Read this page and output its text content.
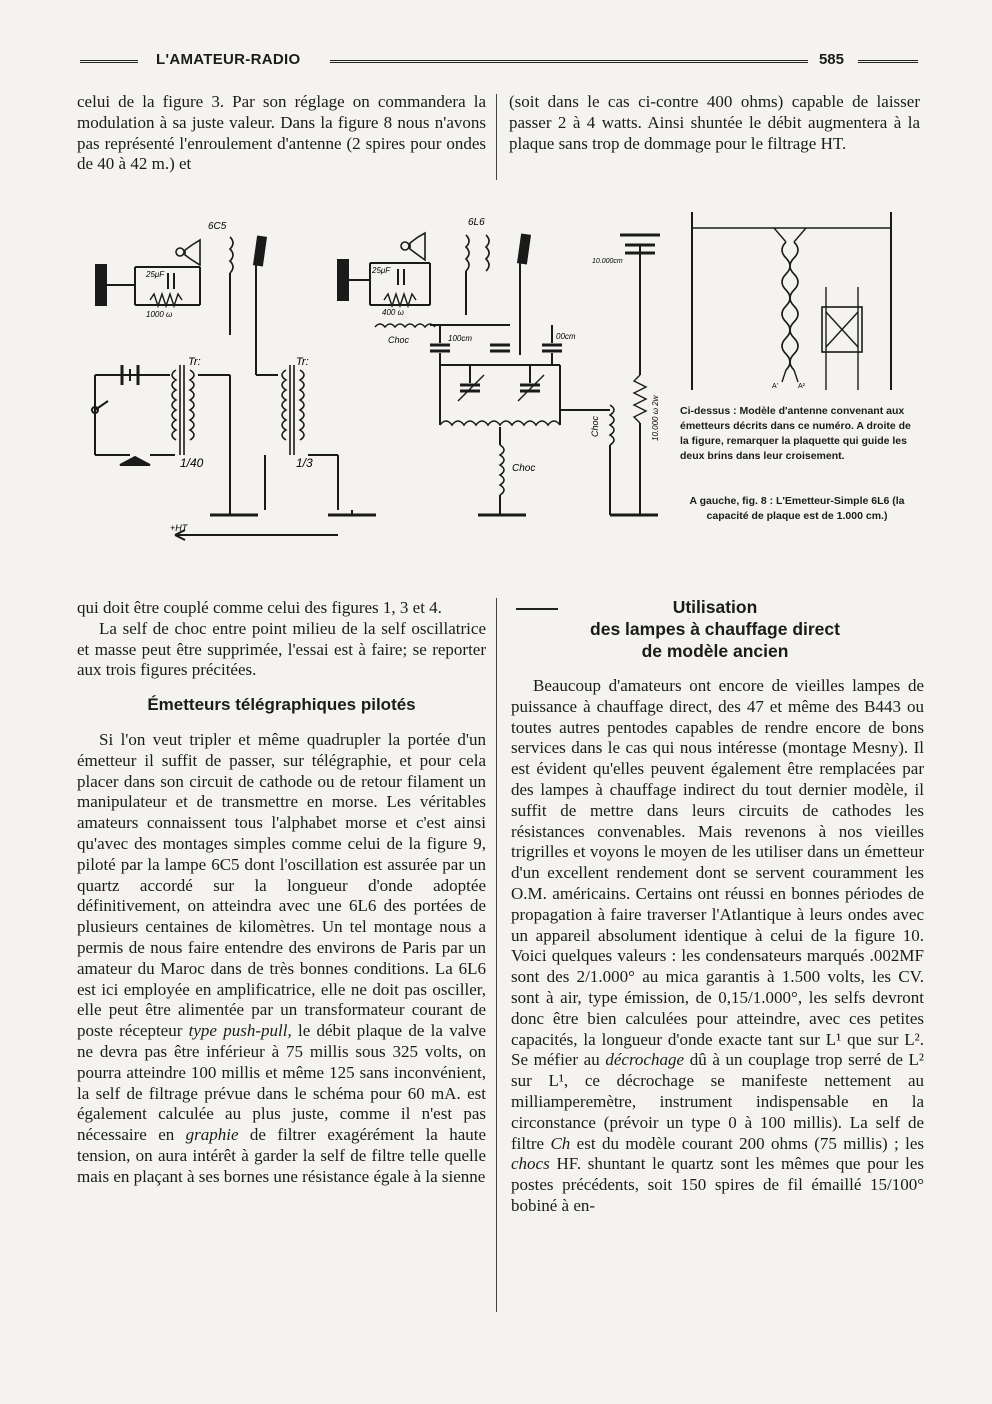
L'AMATEUR-RADIO	585

celui de la figure 3. Par son réglage on commandera la modulation à sa juste valeur. Dans la figure 8 nous n'avons pas représenté l'enroulement d'antenne (2 spires pour ondes de 40 à 42 m.) et

(soit dans le cas ci-contre 400 ohms) capable de laisser passer 2 à 4 watts. Ainsi shuntée le débit augmentera à la plaque sans trop de dommage pour le filtrage HT.

6C5	6L6
25μF	25μF
1000 ω	400 ω
Choc
Choc
Choc
100cm	00cm
10.000cm
10.000 ω 2w
Tr:	Tr:
1/40	1/3
+HT
A'	A²
Ci-dessus : Modèle d'antenne convenant aux émetteurs décrits dans ce numéro. A droite de la figure, remarquer la plaquette qui guide les deux brins dans leur croisement.
A gauche, fig. 8 : L'Emetteur-Simple 6L6 (la capacité de plaque est de 1.000 cm.)

qui doit être couplé comme celui des figures 1, 3 et 4.

La self de choc entre point milieu de la self oscillatrice et masse peut être supprimée, l'essai est à faire; se reporter aux trois figures précitées.

Émetteurs télégraphiques pilotés

Si l'on veut tripler et même quadrupler la portée d'un émetteur il suffit de passer, sur télégraphie, et pour cela placer dans son circuit de cathode ou de retour filament un manipulateur et de transmettre en morse. Les véritables amateurs connaissent tous l'alphabet morse et c'est ainsi qu'avec des montages simples comme celui de la figure 9, piloté par la lampe 6C5 dont l'oscillation est assurée par un quartz accordé sur la longueur d'onde adoptée définitivement, on atteindra avec une 6L6 des portées de plusieurs centaines de kilomètres. Un tel montage nous a permis de nous faire entendre des environs de Paris par un amateur du Maroc dans de très bonnes conditions. La 6L6 est ici employée en amplificatrice, elle ne doit pas osciller, elle peut être alimentée par un transformateur courant de poste récepteur type push-pull, le débit plaque de la valve ne devra pas être inférieur à 75 millis sous 325 volts, on pourra atteindre 100 millis et même 125 sans inconvénient, la self de filtrage prévue dans le schéma pour 60 mA. est également calculée au plus juste, comme il n'est pas nécessaire en graphie de filtrer exagérément la haute tension, on aura intérêt à garder la self de filtre telle quelle mais en plaçant à ses bornes une résistance égale à la sienne

Utilisation
des lampes à chauffage direct
de modèle ancien

Beaucoup d'amateurs ont encore de vieilles lampes de puissance à chauffage direct, des 47 et même des B443 ou toutes autres pentodes capables de rendre encore de bons services dans le cas qui nous intéresse (montage Mesny). Il est évident qu'elles peuvent également être remplacées par des lampes à chauffage indirect du tout dernier modèle, il suffit de mettre dans leurs circuits de cathodes les résistances convenables. Mais revenons à nos vieilles trigrilles et voyons le moyen de les utiliser dans un émetteur d'un excellent rendement dont se servent couramment les O.M. américains. Certains ont réussi en bonnes périodes de propagation à faire traverser l'Atlantique à leurs ondes avec un appareil absolument identique à celui de la figure 10. Voici quelques valeurs : les condensateurs marqués .002MF sont des 2/1.000° au mica garantis à 1.500 volts, les CV. sont à air, type émission, de 0,15/1.000°, les selfs devront donc être bien calculées pour atteindre, avec ces petites capacités, la longueur d'onde exacte tant sur L¹ que sur L². Se méfier au décrochage dû à un couplage trop serré de L² sur L¹, ce décrochage se manifeste nettement au milliamperemètre, instrument indispensable en la circonstance (prévoir un type 0 à 100 millis). La self de filtre Ch est du modèle courant 200 ohms (75 millis) ; les chocs HF. shuntant le quartz sont les mêmes que pour les postes précédents, soit 150 spires de fil émaillé 15/100° bobiné à en-
